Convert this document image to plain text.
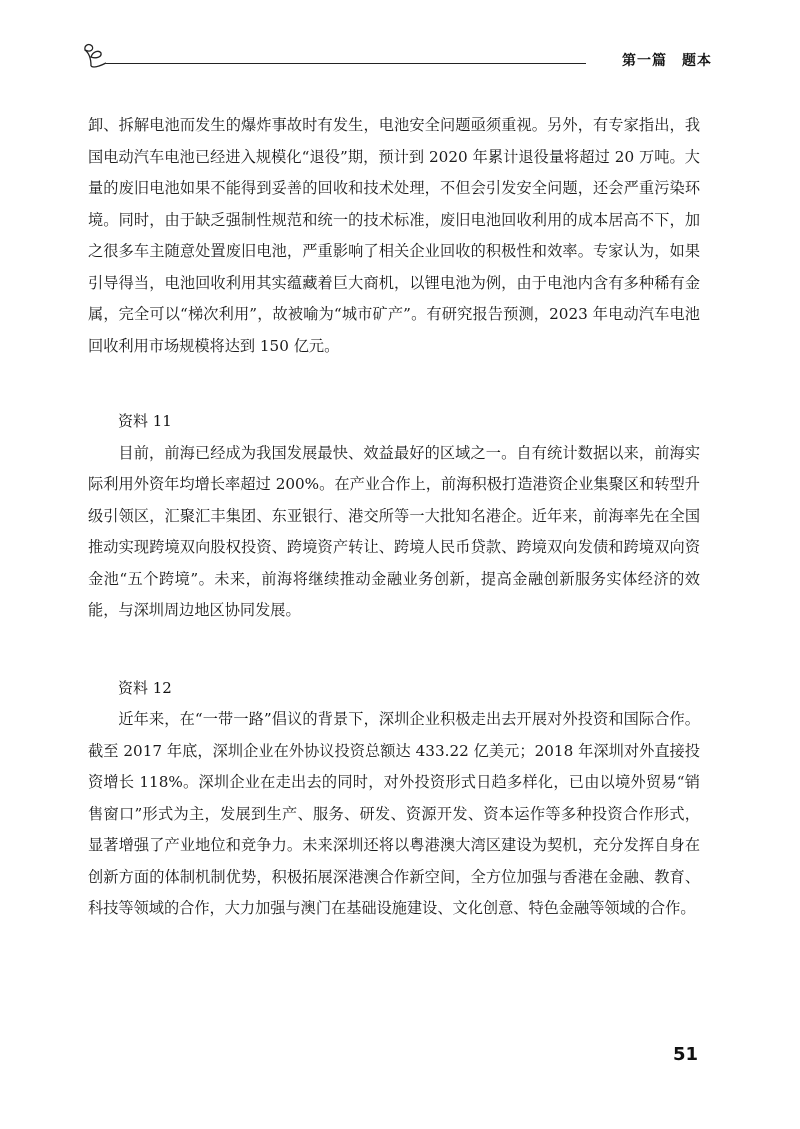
第一篇　题本

卸、拆解电池而发生的爆炸事故时有发生，电池安全问题亟须重视。另外，有专家指出，我国电动汽车电池已经进入规模化“退役”期，预计到 2020 年累计退役量将超过 20 万吨。大量的废旧电池如果不能得到妥善的回收和技术处理，不但会引发安全问题，还会严重污染环境。同时，由于缺乏强制性规范和统一的技术标准，废旧电池回收利用的成本居高不下，加之很多车主随意处置废旧电池，严重影响了相关企业回收的积极性和效率。专家认为，如果引导得当，电池回收利用其实蕴藏着巨大商机，以锂电池为例，由于电池内含有多种稀有金属，完全可以“梯次利用”，故被喻为“城市矿产”。有研究报告预测，2023 年电动汽车电池回收利用市场规模将达到 150 亿元。

资料 11

目前，前海已经成为我国发展最快、效益最好的区域之一。自有统计数据以来，前海实际利用外资年均增长率超过 200%。在产业合作上，前海积极打造港资企业集聚区和转型升级引领区，汇聚汇丰集团、东亚银行、港交所等一大批知名港企。近年来，前海率先在全国推动实现跨境双向股权投资、跨境资产转让、跨境人民币贷款、跨境双向发债和跨境双向资金池“五个跨境”。未来，前海将继续推动金融业务创新，提高金融创新服务实体经济的效能，与深圳周边地区协同发展。

资料 12

近年来，在“一带一路”倡议的背景下，深圳企业积极走出去开展对外投资和国际合作。截至 2017 年底，深圳企业在外协议投资总额达 433.22 亿美元；2018 年深圳对外直接投资增长 118%。深圳企业在走出去的同时，对外投资形式日趋多样化，已由以境外贸易“销售窗口”形式为主，发展到生产、服务、研发、资源开发、资本运作等多种投资合作形式，显著增强了产业地位和竞争力。未来深圳还将以粤港澳大湾区建设为契机，充分发挥自身在创新方面的体制机制优势，积极拓展深港澳合作新空间，全方位加强与香港在金融、教育、科技等领域的合作，大力加强与澳门在基础设施建设、文化创意、特色金融等领域的合作。

51
